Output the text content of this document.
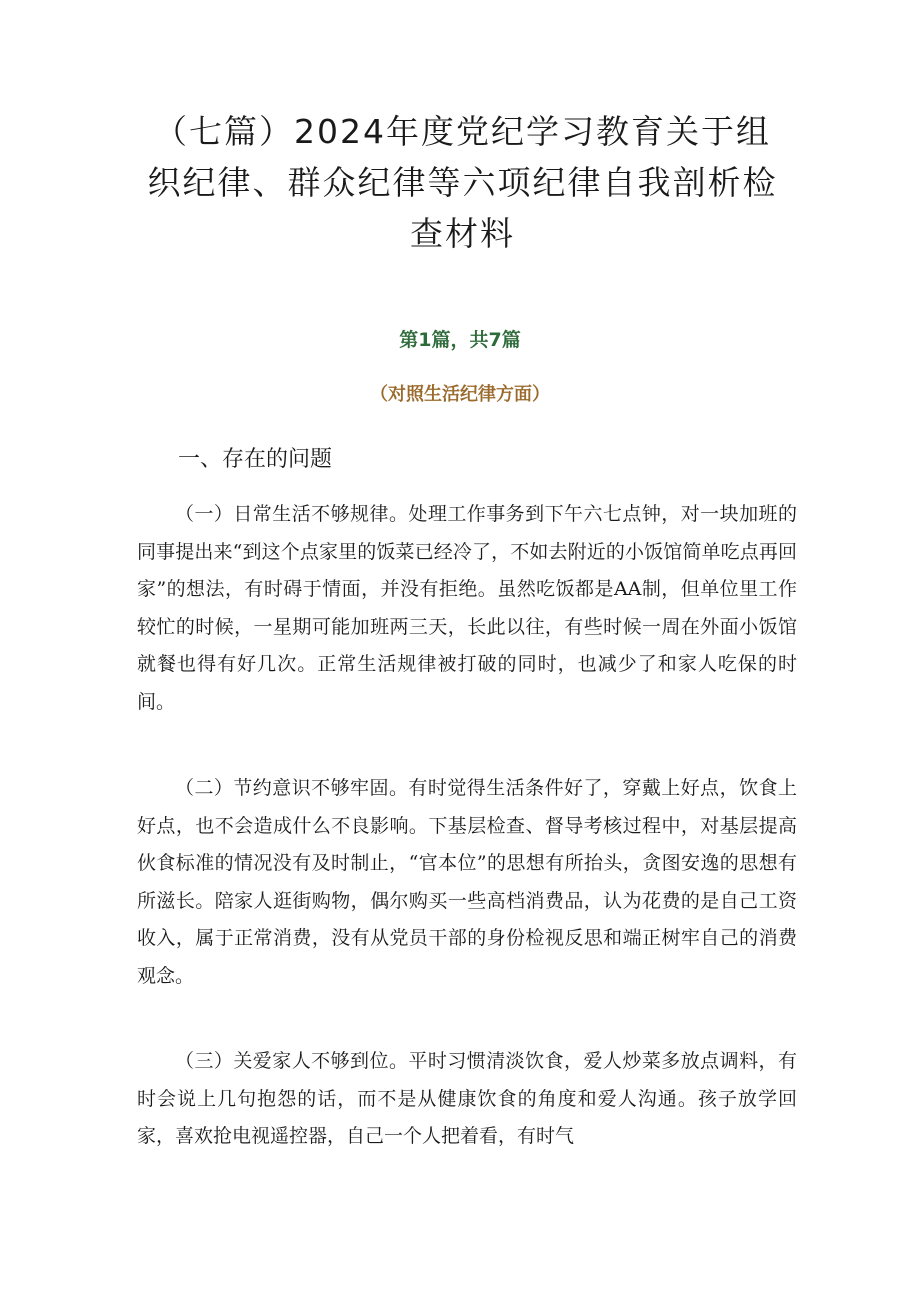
（七篇）2024年度党纪学习教育关于组织纪律、群众纪律等六项纪律自我剖析检查材料
第1篇，共7篇
（对照生活纪律方面）
一、存在的问题

（一）日常生活不够规律。处理工作事务到下午六七点钟，对一块加班的同事提出来“到这个点家里的饭菜已经冷了，不如去附近的小饭馆简单吃点再回家”的想法，有时碍于情面，并没有拒绝。虽然吃饭都是AA制，但单位里工作较忙的时候，一星期可能加班两三天，长此以往，有些时候一周在外面小饭馆就餐也得有好几次。正常生活规律被打破的同时，也减少了和家人吃保的时间。

（二）节约意识不够牢固。有时觉得生活条件好了，穿戴上好点，饮食上好点，也不会造成什么不良影响。下基层检查、督导考核过程中，对基层提高伙食标准的情况没有及时制止，“官本位”的思想有所抬头，贪图安逸的思想有所滋长。陪家人逛街购物，偶尔购买一些高档消费品，认为花费的是自己工资收入，属于正常消费，没有从党员干部的身份检视反思和端正树牢自己的消费观念。

（三）关爱家人不够到位。平时习惯清淡饮食，爱人炒菜多放点调料，有时会说上几句抱怨的话，而不是从健康饮食的角度和爱人沟通。孩子放学回家，喜欢抢电视遥控器，自己一个人把着看，有时气
